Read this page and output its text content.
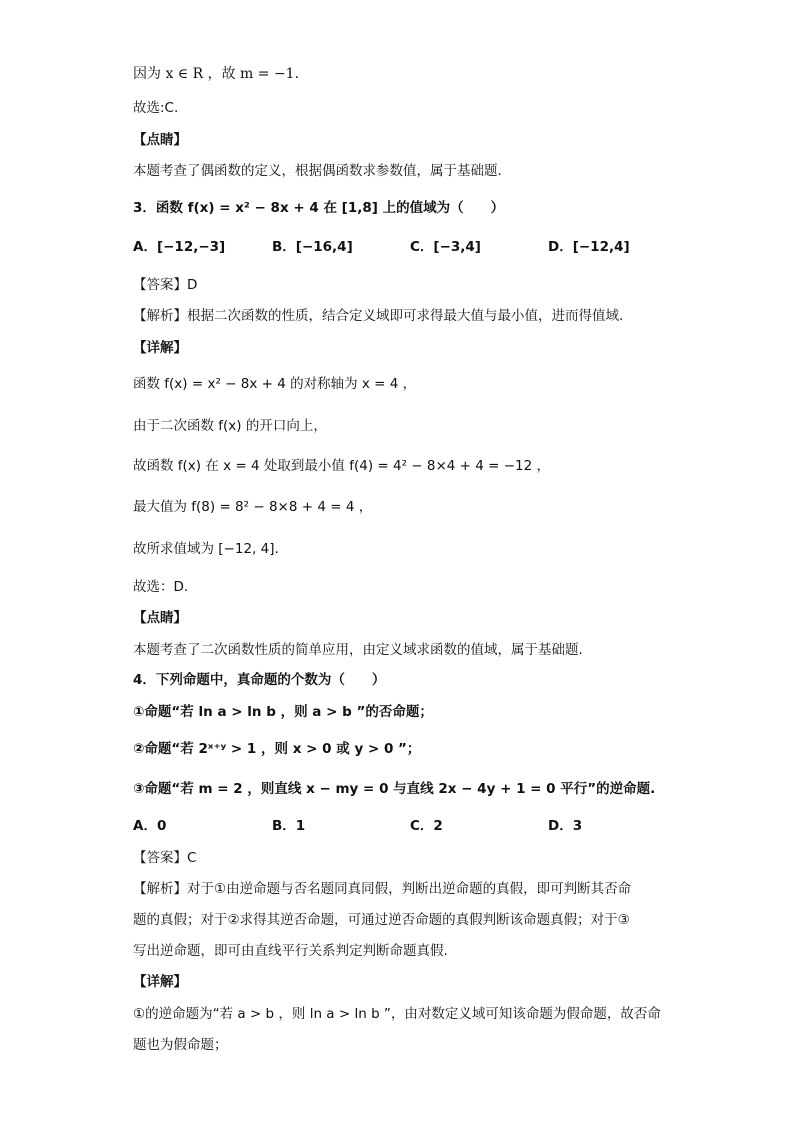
因为 x ∈ R ，故 m = −1.
故选:C.
【点睛】
本题考查了偶函数的定义，根据偶函数求参数值，属于基础题.
3．函数 f(x) = x² − 8x + 4 在 [1,8] 上的值域为（　　）
A．[−12,−3]	B．[−16,4]	C．[−3,4]	D．[−12,4]
【答案】D
【解析】根据二次函数的性质，结合定义域即可求得最大值与最小值，进而得值域.
【详解】
函数 f(x) = x² − 8x + 4 的对称轴为 x = 4 ，
由于二次函数 f(x) 的开口向上，
故函数 f(x) 在 x = 4 处取到最小值 f(4) = 4² − 8×4 + 4 = −12 ，
最大值为 f(8) = 8² − 8×8 + 4 = 4 ，
故所求值域为 [−12, 4].
故选：D.
【点睛】
本题考查了二次函数性质的简单应用，由定义域求函数的值域，属于基础题.
4．下列命题中，真命题的个数为（　　）
①命题“若 ln a > ln b ，则 a > b ”的否命题；
②命题“若 2ˣ⁺ʸ > 1 ，则 x > 0 或 y > 0 ”；
③命题“若 m = 2 ，则直线 x − my = 0 与直线 2x − 4y + 1 = 0 平行”的逆命题.
A．0	B．1	C．2	D．3
【答案】C
【解析】对于①由逆命题与否名题同真同假，判断出逆命题的真假，即可判断其否命
题的真假；对于②求得其逆否命题，可通过逆否命题的真假判断该命题真假；对于③
写出逆命题，即可由直线平行关系判定判断命题真假.
【详解】
①的逆命题为“若 a > b ，则 ln a > ln b ”，由对数定义域可知该命题为假命题，故否命
题也为假命题；
